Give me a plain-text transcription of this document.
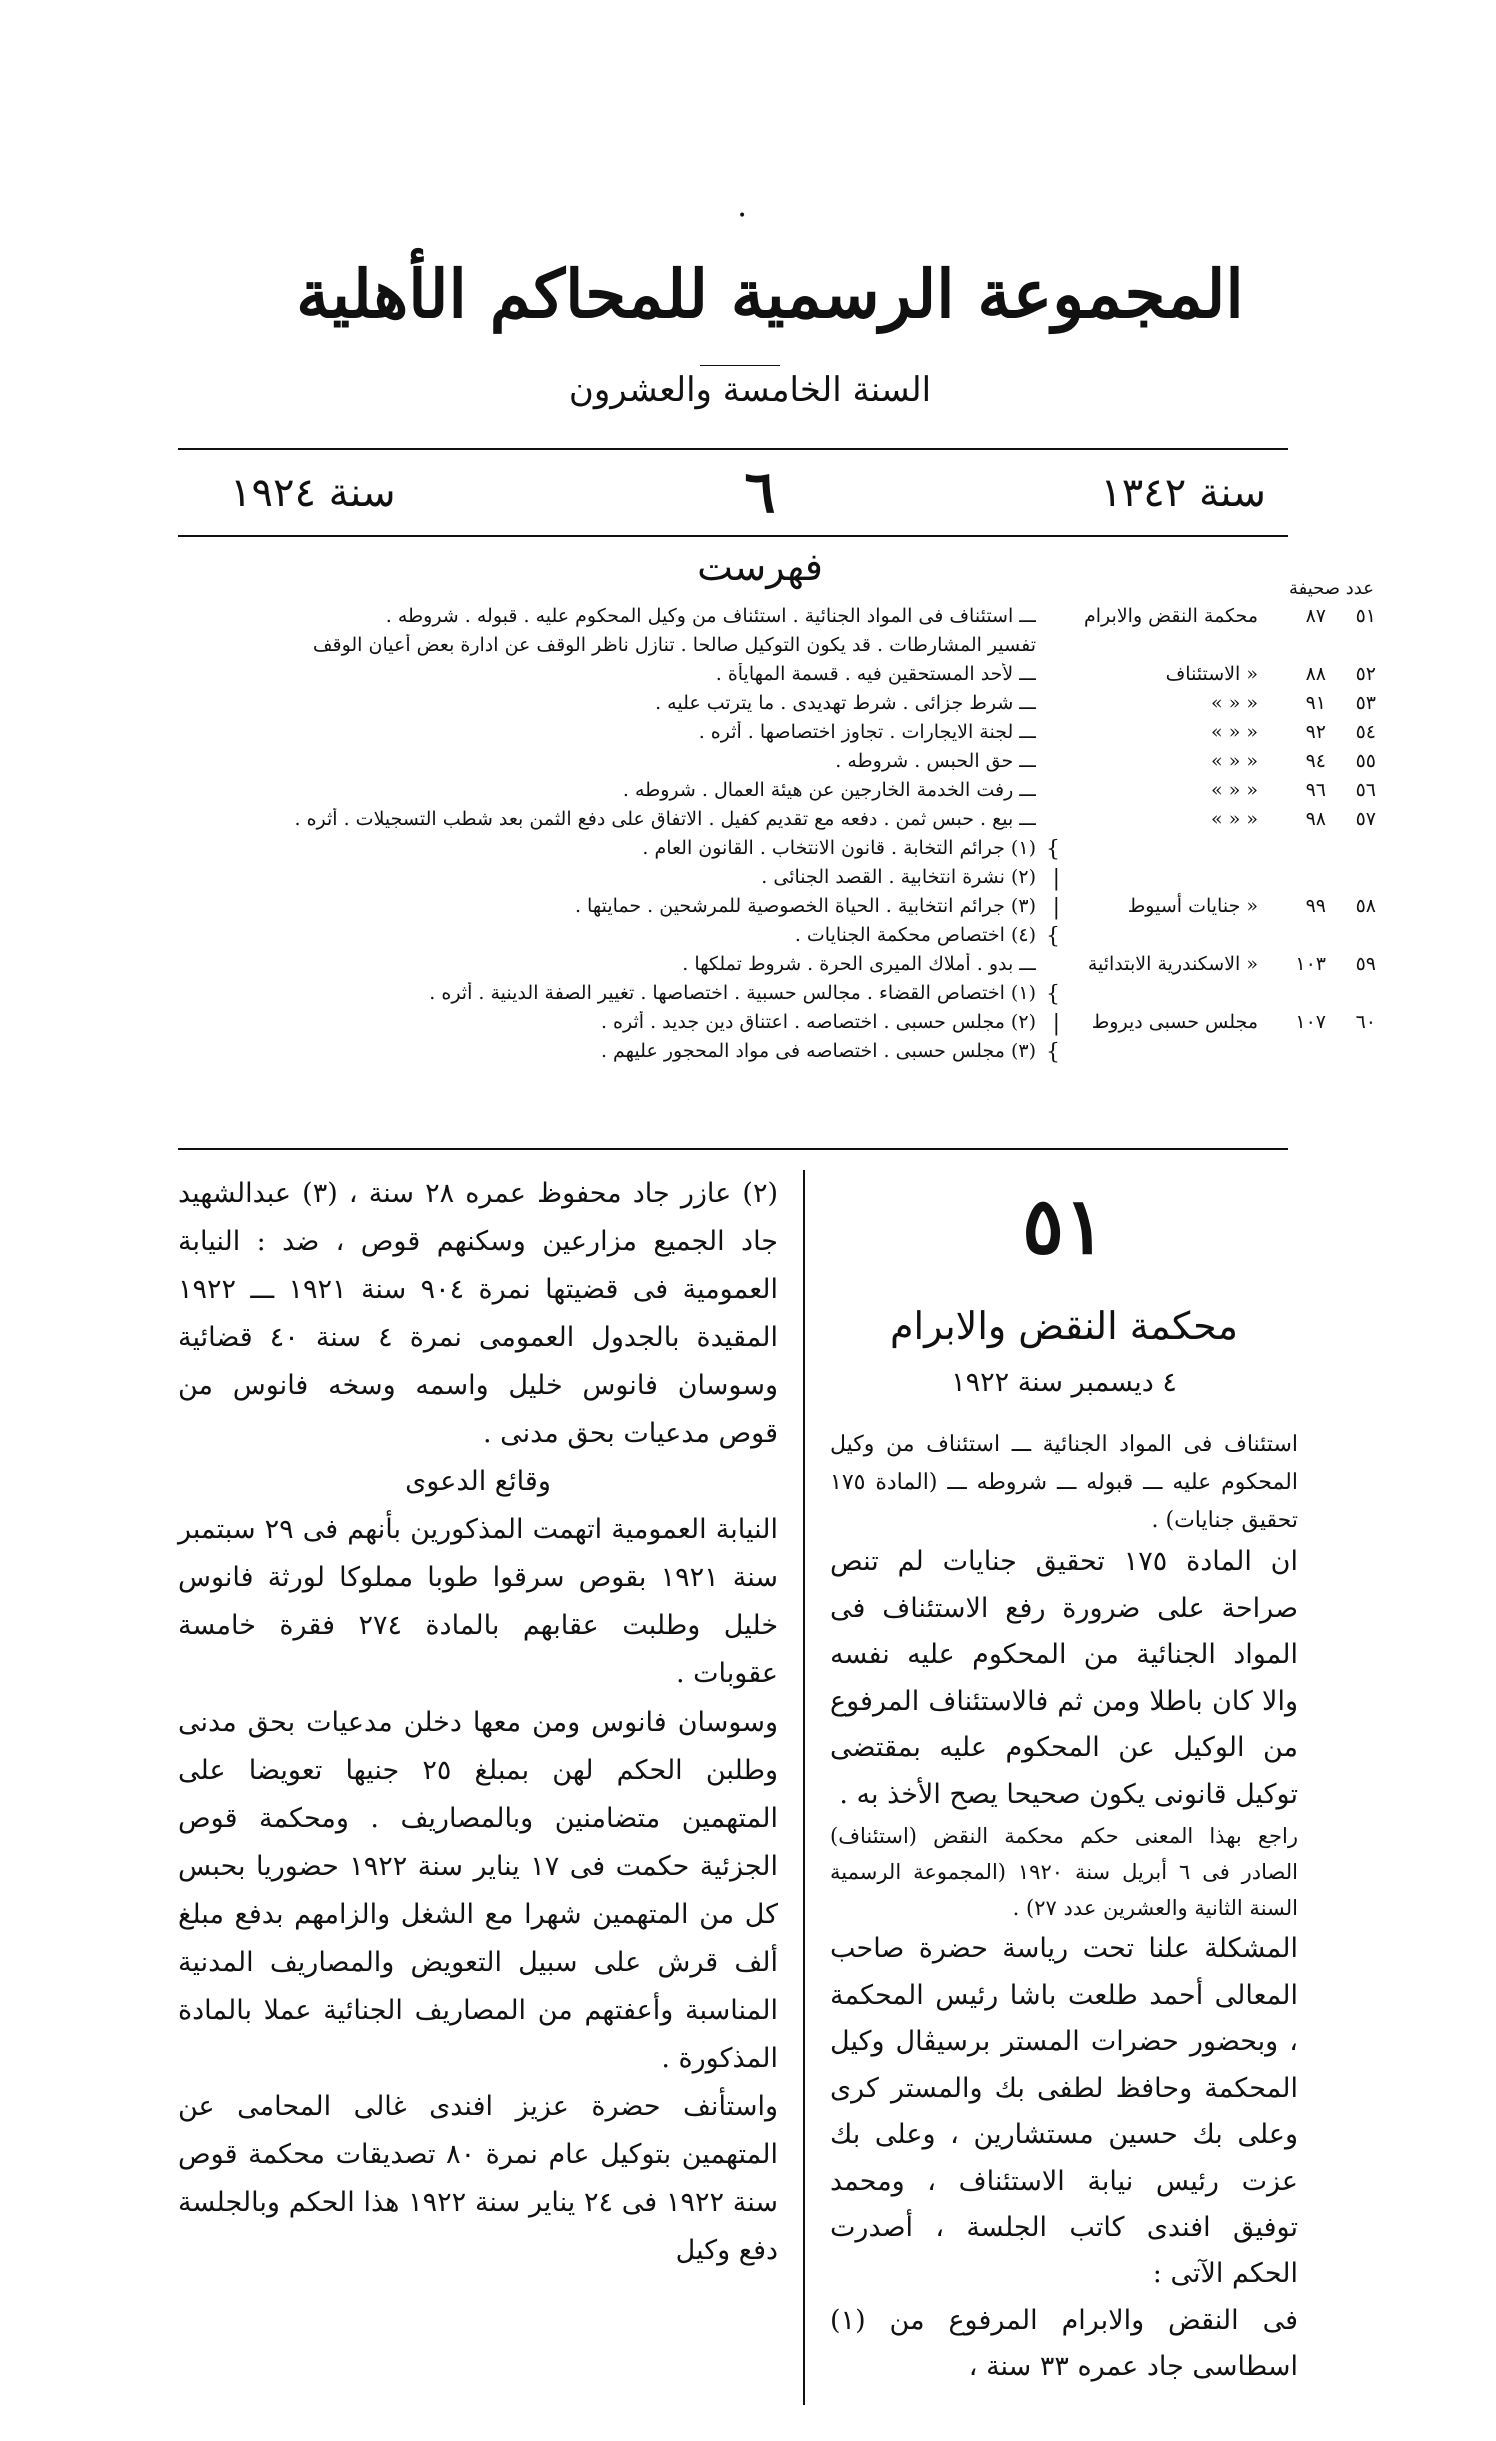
•
المجموعة الرسمية للمحاكم الأهلية
السنة الخامسة والعشرون
سنة ١٣٤٢
٦
سنة ١٩٢٤
فهرست	عدد صحيفة
٥١
٨٧
محكمة النقض والابرام
ـــ استئناف فى المواد الجنائية . استئناف من وكيل المحكوم عليه . قبوله . شروطه .
تفسير المشارطات . قد يكون التوكيل صالحا . تنازل ناظر الوقف عن ادارة بعض أعيان الوقف
٥٢
٨٨
« الاستئناف
ـــ لأحد المستحقين فيه . قسمة المهايأة .
٥٣
٩١
« « »
ـــ شرط جزائى . شرط تهديدى . ما يترتب عليه .
٥٤
٩٢
« « »
ـــ لجنة الايجارات . تجاوز اختصاصها . أثره .
٥٥
٩٤
« « »
ـــ حق الحبس . شروطه .
٥٦
٩٦
« « »
ـــ رفت الخدمة الخارجين عن هيئة العمال . شروطه .
٥٧
٩٨
« « »
ـــ بيع . حبس ثمن . دفعه مع تقديم كفيل . الاتفاق على دفع الثمن بعد شطب التسجيلات . أثره .
}
(١) جرائم التخابة . قانون الانتخاب . القانون العام .
|
(٢) نشرة انتخابية . القصد الجنائى .
٥٨
٩٩
« جنايات أسيوط
|
(٣) جرائم انتخابية . الحياة الخصوصية للمرشحين . حمايتها .
}
(٤) اختصاص محكمة الجنايات .
٥٩
١٠٣
« الاسكندرية الابتدائية
ـــ بدو . أملاك الميرى الحرة . شروط تملكها .
}
(١) اختصاص القضاء . مجالس حسبية . اختصاصها . تغيير الصفة الدينية . أثره .
٦٠
١٠٧
مجلس حسبى ديروط
|
(٢) مجلس حسبى . اختصاصه . اعتناق دين جديد . أثره .
}
(٣) مجلس حسبى . اختصاصه فى مواد المحجور عليهم .
٥١
محكمة النقض والابرام
٤ ديسمبر سنة ١٩٢٢

استئناف فى المواد الجنائية ـــ استئناف من وكيل المحكوم عليه ـــ قبوله ـــ شروطه ـــ (المادة ١٧٥ تحقيق جنايات) .

ان المادة ١٧٥ تحقيق جنايات لم تنص صراحة على ضرورة رفع الاستئناف فى المواد الجنائية من المحكوم عليه نفسه والا كان باطلا ومن ثم فالاستئناف المرفوع من الوكيل عن المحكوم عليه بمقتضى توكيل قانونى يكون صحيحا يصح الأخذ به .

راجع بهذا المعنى حكم محكمة النقض (استئناف) الصادر فى ٦ أبريل سنة ١٩٢٠ (المجموعة الرسمية السنة الثانية والعشرين عدد ٢٧) .

المشكلة علنا تحت رياسة حضرة صاحب المعالى أحمد طلعت باشا رئيس المحكمة ، وبحضور حضرات المستر برسيڤال وكيل المحكمة وحافظ لطفى بك والمستر كرى وعلى بك حسين مستشارين ، وعلى بك عزت رئيس نيابة الاستئناف ، ومحمد توفيق افندى كاتب الجلسة ، أصدرت الحكم الآتى :

فى النقض والابرام المرفوع من (١) اسطاسى جاد عمره ٣٣ سنة ،

(٢) عازر جاد محفوظ عمره ٢٨ سنة ، (٣) عبدالشهيد جاد الجميع مزارعين وسكنهم قوص ، ضد : النيابة العمومية فى قضيتها نمرة ٩٠٤ سنة ١٩٢١ ـــ ١٩٢٢ المقيدة بالجدول العمومى نمرة ٤ سنة ٤٠ قضائية وسوسان فانوس خليل واسمه وسخه فانوس من قوص مدعيات بحق مدنى .

وقائع الدعوى

النيابة العمومية اتهمت المذكورين بأنهم فى ٢٩ سبتمبر سنة ١٩٢١ بقوص سرقوا طوبا مملوكا لورثة فانوس خليل وطلبت عقابهم بالمادة ٢٧٤ فقرة خامسة عقوبات .

وسوسان فانوس ومن معها دخلن مدعيات بحق مدنى وطلبن الحكم لهن بمبلغ ٢٥ جنيها تعويضا على المتهمين متضامنين وبالمصاريف . ومحكمة قوص الجزئية حكمت فى ١٧ يناير سنة ١٩٢٢ حضوريا بحبس كل من المتهمين شهرا مع الشغل والزامهم بدفع مبلغ ألف قرش على سبيل التعويض والمصاريف المدنية المناسبة وأعفتهم من المصاريف الجنائية عملا بالمادة المذكورة .

واستأنف حضرة عزيز افندى غالى المحامى عن المتهمين بتوكيل عام نمرة ٨٠ تصديقات محكمة قوص سنة ١٩٢٢ فى ٢٤ يناير سنة ١٩٢٢ هذا الحكم وبالجلسة دفع وكيل
